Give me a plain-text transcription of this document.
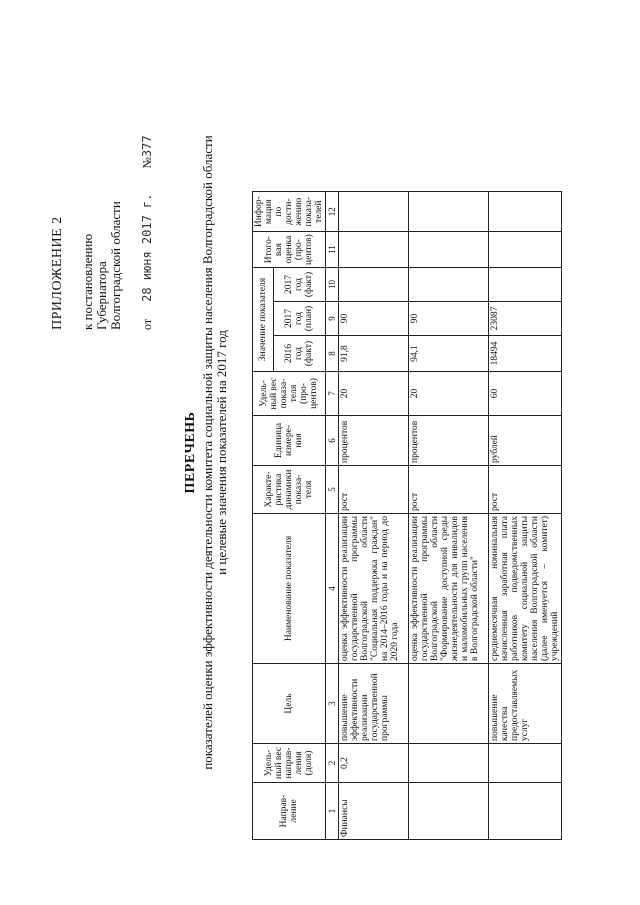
ПРИЛОЖЕНИЕ 2 к постановлению Губернатора Волгоградской области от 28 июня 2017 г. №377
ПЕРЕЧЕНЬ показателей оценки эффективности деятельности комитета социальной защиты населения Волгоградской области и целевые значения показателей на 2017 год
Направ-ление	Удель-ный вес направ-ления (доля)	Цель	Наименование показателя	Характе-ристика динамики показа-теля	Единица измере-ния	Удель-ный вес показа-теля (про-центов)	Значение показателя			Итого-вая оценка (про-центов)	Инфор-мация по дости-жению показа-телей
							2016 год (факт)	2017 год (план)	2017 год (факт)		
1	2	3	4	5	6	7	8	9	10	11	12
Финансы	0,2	повышение эффективности реализации государственной программы	оценка эффективности реализации государственной программы Волгоградской области "Социальная поддержка граждан" на 2014–2016 годы и на период до 2020 года	рост	процентов	20	91,8	90			
			оценка эффективности реализации государственной программы Волгоградской области "Формирование доступной среды жизнедеятельности для инвалидов и маломобильных групп населения в Волгоградской области"	рост	процентов	20	94,1	90			
		повышение качества предоставляемых услуг	среднемесячная номинальная начисленная заработная плата работников подведомственных комитету социальной защиты населения Волгоградской области (далее именуется – комитет) учреждений	рост	рублей	60	18494	23087			
